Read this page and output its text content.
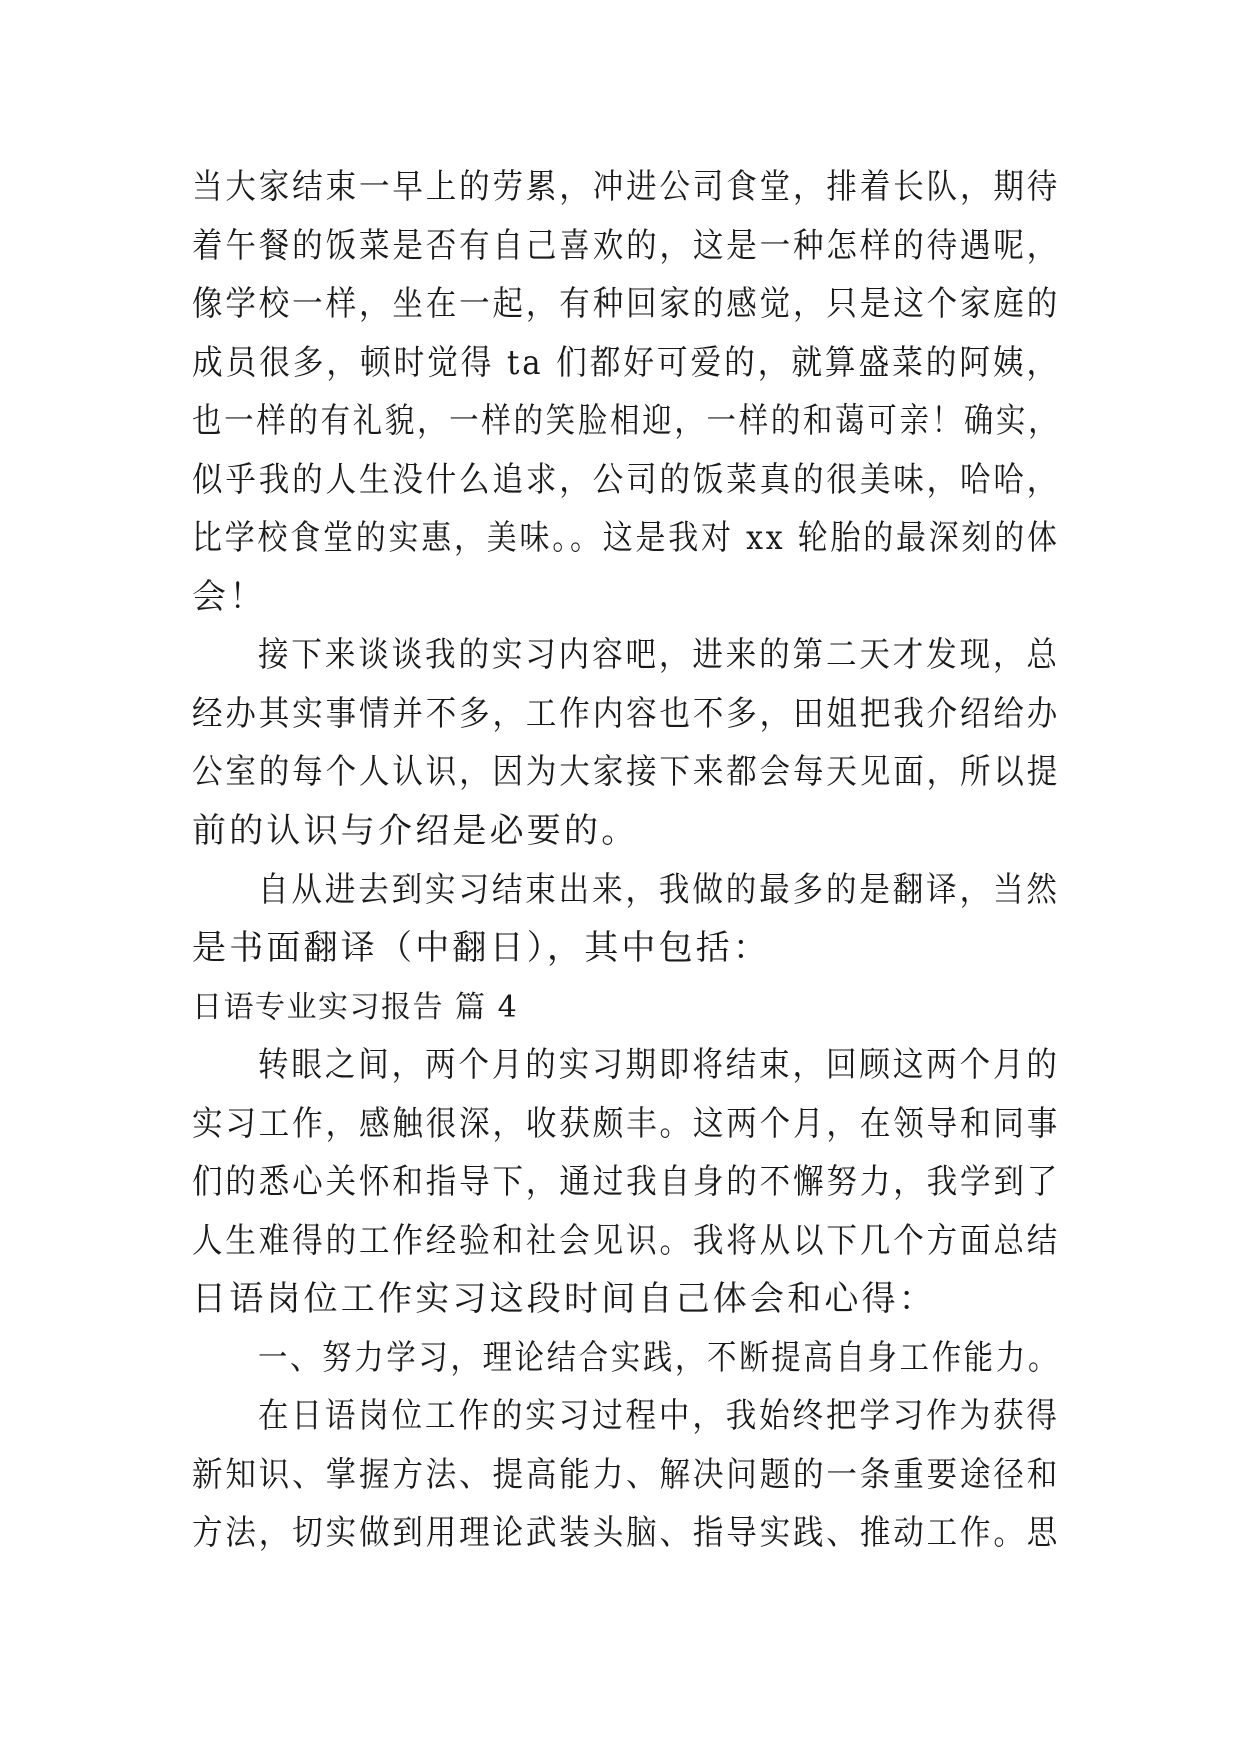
当大家结束一早上的劳累，冲进公司食堂，排着长队，期待
着午餐的饭菜是否有自己喜欢的，这是一种怎样的待遇呢，
像学校一样，坐在一起，有种回家的感觉，只是这个家庭的
成员很多，顿时觉得 ta 们都好可爱的，就算盛菜的阿姨，
也一样的有礼貌，一样的笑脸相迎，一样的和蔼可亲！确实，
似乎我的人生没什么追求，公司的饭菜真的很美味，哈哈，
比学校食堂的实惠，美味。。这是我对 xx 轮胎的最深刻的体
会！
接下来谈谈我的实习内容吧，进来的第二天才发现，总
经办其实事情并不多，工作内容也不多，田姐把我介绍给办
公室的每个人认识，因为大家接下来都会每天见面，所以提
前的认识与介绍是必要的。
自从进去到实习结束出来，我做的最多的是翻译，当然
是书面翻译（中翻日），其中包括：
日语专业实习报告 篇 4
转眼之间，两个月的实习期即将结束，回顾这两个月的
实习工作，感触很深，收获颇丰。这两个月，在领导和同事
们的悉心关怀和指导下，通过我自身的不懈努力，我学到了
人生难得的工作经验和社会见识。我将从以下几个方面总结
日语岗位工作实习这段时间自己体会和心得：
一、努力学习，理论结合实践，不断提高自身工作能力。
在日语岗位工作的实习过程中，我始终把学习作为获得
新知识、掌握方法、提高能力、解决问题的一条重要途径和
方法，切实做到用理论武装头脑、指导实践、推动工作。思
